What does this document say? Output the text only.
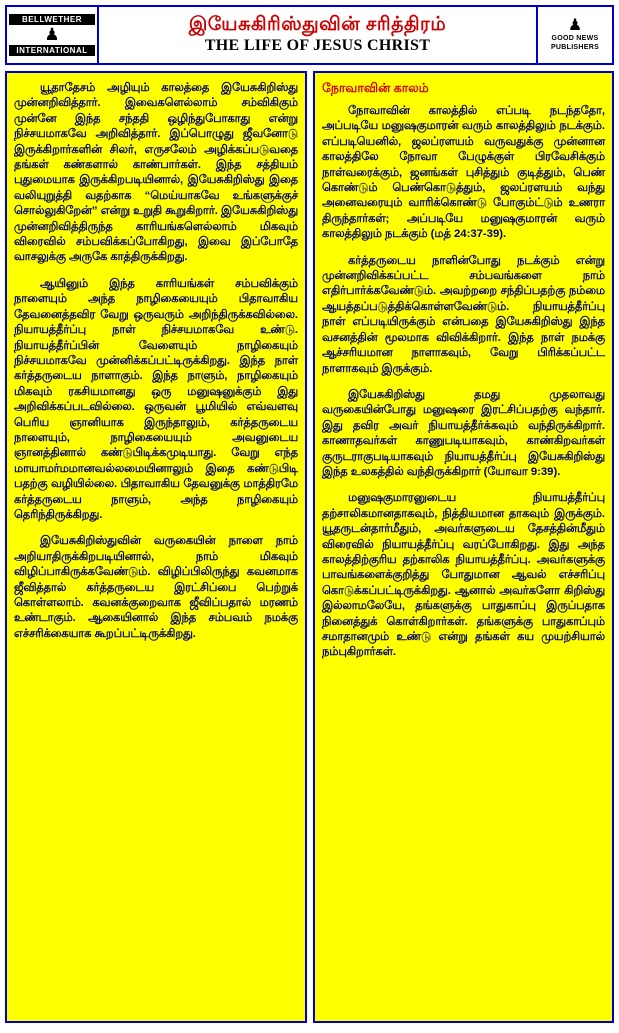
BELLWETHER
♟
INTERNATIONAL
இயேசுகிரிஸ்துவின் சரித்திரம்
THE LIFE OF JESUS CHRIST
♟
GOOD NEWS
PUBLISHERS

யூதாதேசம் அழியும் காலத்தை இயேசுகிறிஸ்து முன்னறிவித்தார். இவைகளெல்லாம் சம்விகிகும் முன்னே இந்த சந்ததி ஒழிந்துபோகாது என்று நிச்சயமாகவே அறிவித்தார். இப்பொழுது ஜீவனோடு இருக்கிறார்களின் சிலர், எருசலேம் அழிக்கப்படுவதை தங்கள் கண்களால் காண்பார்கள். இந்த சத்தியம் புதுமையாக இருக்கிறபடியினால், இயேசுகிறிஸ்து இதை வலியுறுத்தி வதற்காக “மெய்யாகவே உங்களுக்குச் சொல்லுகிறேன்” என்று உறுதி கூறுகிறார். இயேசுகிறிஸ்து முன்னறிவித்திருந்த காரியங்களெல்லாம் மிகவும் விரைவில் சம்பவிக்கப்போகிறது, இவை இப்போதே வாசலுக்கு அருகே காத்திருக்கிறது.

ஆயினும் இந்த காரியங்கள் சம்பவிக்கும் நாளையும் அந்த நாழிகையையும் பிதாவாகிய தேவனைத்தவிர வேறு ஒருவரும் அறிந்திருக்கவில்லை. நியாயத்தீர்ப்பு நாள் நிச்சயமாகவே உண்டு. நியாயத்தீர்ப்பின் வேளையும் நாழிகையும் நிச்சயமாகவே முன்னிக்கப்பட்டிருக்கிறது. இந்த நாள் கர்த்தருடைய நாளாகும். இந்த நாளும், நாழிகையும் மிகவும் ரகசியமானது ஒரு மனுஷனுக்கும் இது அறிவிக்கப்படவில்லை. ஒருவன் பூமியில் எவ்வளவு பெரிய ஞானியாக இருந்தாலும், கர்த்தருடைய நாளையும், நாழிகையையும் அவனுடைய ஞானத்தினால் கண்டுபிடிக்கமுடியாது. வேறு எந்த மாயாமர்மமானவல்லமையினாலும் இதை கண்டுபிடி பதற்கு வழியில்லை. பிதாவாகிய தேவனுக்கு மாத்திரமே கர்த்தருடைய நாளும், அந்த நாழிகையும் தெரிந்திருக்கிறது.

இயேசுகிறிஸ்துவின் வருகையின் நாளை நாம் அறியாதிருக்கிறபடியினால், நாம் மிகவும் விழிப்பாகிருக்கவேண்டும். விழிப்பிலிருந்து கவனமாக ஜீவித்தால் கர்த்தருடைய இரட்சிப்பை பெற்றுக் கொள்ளலாம். கவனக்குறைவாக ஜீவிப்பதால் மரணம் உண்டாகும். ஆகையினால் இந்த சம்பவம் நமக்கு எச்சரிக்கையாக கூறப்பட்டிருக்கிறது.

நோவாவின் காலம்

நோவாவின் காலத்தில் எப்படி நடந்ததோ, அப்படியே மனுஷகுமாரன் வரும் காலத்திலும் நடக்கும். எப்படியெனில், ஜலப்ரளயம் வருவதுக்கு முன்னான காலத்திலே நோவா பேழுக்குள் பிரவேசிக்கும் நாள்வரைக்கும், ஜனங்கள் புசித்தும் குடித்தும், பெண் கொண்டும் பெண்கொடுத்தும், ஜலப்ரளயம் வந்து அனைவரையும் வாரிக்கொண்டு போகும்ட்டும் உணரா திருந்தார்கள்; அப்படியே மனுஷகுமாரன் வரும் காலத்திலும் நடக்கும் (மத் 24:37-39).

கர்த்தருடைய நாளின்போது நடக்கும் என்று முன்னறிவிக்கப்பட்ட சம்பவங்களை நாம் எதிர்பார்க்கவேண்டும். அவற்றறை சந்திப்பதற்கு நம்மை ஆயத்தப்படுத்திக்கொள்ளவேண்டும். நியாயத்தீர்ப்பு நாள் எப்படியிருக்கும் என்பதை இயேசுகிறிஸ்து இந்த வசனத்தின் மூலமாக விவிக்கிறார். இந்த நாள் நமக்கு ஆச்சரியமான நாளாகவும், வேறு பிரிக்கப்பட்ட நாளாகவும் இருக்கும்.

இயேசுகிறிஸ்து தமது முதலாவது வருகையின்போது மனுஷரை இரட்சிப்பதற்கு வந்தார். இது தவிர அவர் நியாயத்தீர்க்கவும் வந்திருக்கிறார். காணாதவர்கள் காணுபடியாகவும், காண்கிறவர்கள் குருடராகுபடியாகவும் நியாயத்தீர்ப்பு இயேசுகிறிஸ்து இந்த உலகத்தில் வந்திருக்கிறார் (யோவா 9:39).

மனுஷகுமாரனுடைய நியாயத்தீர்ப்பு தற்சாலிகமானதாகவும், நித்தியமான தாகவும் இருக்கும். யூதருடன்தார்மீதும், அவர்களுடைய தேசத்தின்மீதும் விரைவில் நியாயத்தீர்ப்பு வரப்போகிறது. இது அந்த காலத்திற்குரிய தற்காலிக நியாயத்தீர்ப்பு. அவர்களுக்கு பாவங்களைக்குறித்து போதுமான ஆவல் எச்சரிப்பு கொடுக்கப்பட்டிருக்கிறது. ஆனால் அவர்களோ கிறிஸ்து இல்லாமலேயே, தங்களுக்கு பாதுகாப்பு இருப்பதாக நினைத்துக் கொள்கிறார்கள். தங்களுக்கு பாதுகாப்பும் சமாதானமும் உண்டு என்று தங்கள் கய முயற்சியால் நம்புகிறார்கள்.
